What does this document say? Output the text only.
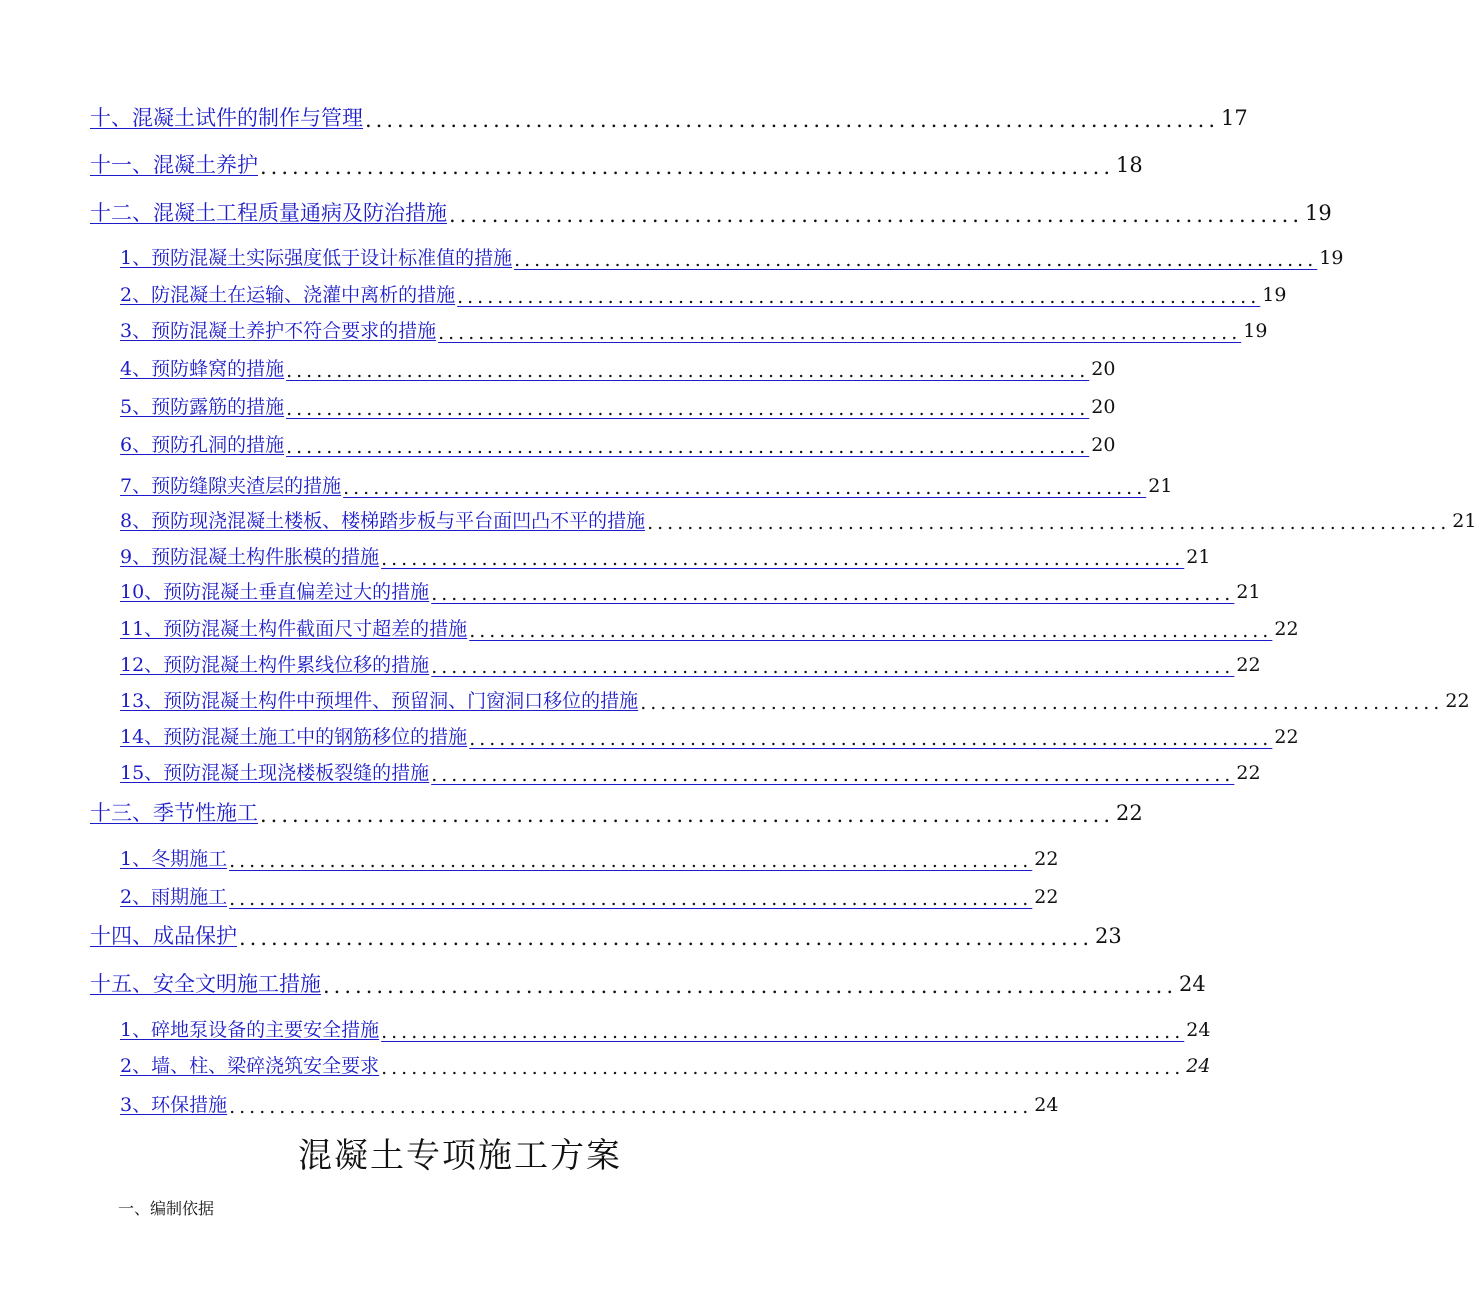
十、混凝土试件的制作与管理 ................................................................................ 17
十一、混凝土养护 ................................................................................ 18
十二、混凝土工程质量通病及防治措施 ................................................................................ 19
1、预防混凝土实际强度低于设计标准值的措施 ................................................................................ 19
2、防混凝土在运输、浇灌中离析的措施 ................................................................................ 19
3、预防混凝土养护不符合要求的措施 ................................................................................ 19
4、预防蜂窝的措施 ................................................................................ 20
5、预防露筋的措施 ................................................................................ 20
6、预防孔洞的措施 ................................................................................ 20
7、预防缝隙夹渣层的措施 ................................................................................ 21
8、预防现浇混凝土楼板、楼梯踏步板与平台面凹凸不平的措施 ................................................................................ 21
9、预防混凝土构件胀模的措施 ................................................................................ 21
10、预防混凝土垂直偏差过大的措施 ................................................................................ 21
11、预防混凝土构件截面尺寸超差的措施 ................................................................................ 22
12、预防混凝土构件累线位移的措施 ................................................................................ 22
13、预防混凝土构件中预埋件、预留洞、门窗洞口移位的措施 ................................................................................ 22
14、预防混凝土施工中的钢筋移位的措施 ................................................................................ 22
15、预防混凝土现浇楼板裂缝的措施 ................................................................................ 22
十三、季节性施工 ................................................................................ 22
1、冬期施工 ................................................................................ 22
2、雨期施工 ................................................................................ 22
十四、成品保护 ................................................................................ 23
十五、安全文明施工措施 ................................................................................ 24
1、碎地泵设备的主要安全措施 ................................................................................ 24
2、墙、柱、梁碎浇筑安全要求 ................................................................................ 24
3、环保措施 ................................................................................ 24
混凝土专项施工方案
一、编制依据
